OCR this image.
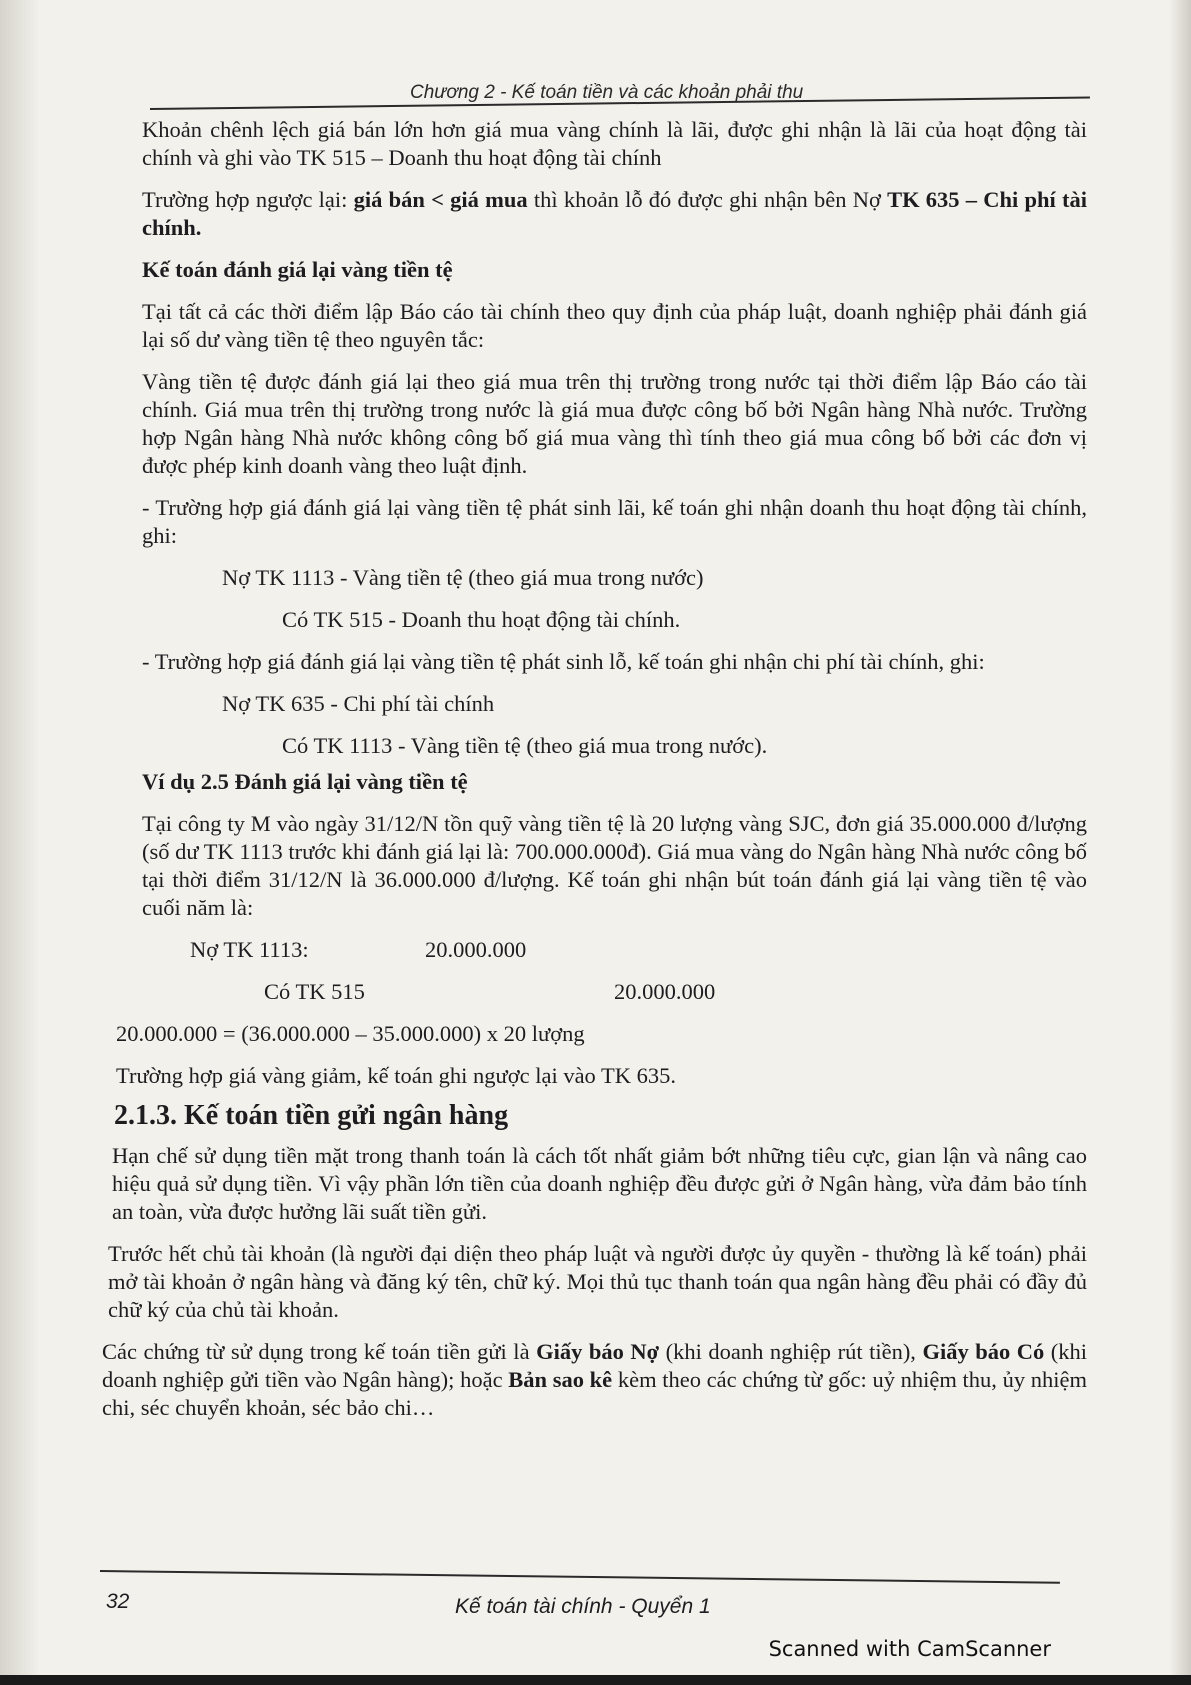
Chương 2 - Kế toán tiền và các khoản phải thu

Khoản chênh lệch giá bán lớn hơn giá mua vàng chính là lãi, được ghi nhận là lãi của hoạt động tài chính và ghi vào TK 515 – Doanh thu hoạt động tài chính

Trường hợp ngược lại: giá bán < giá mua thì khoản lỗ đó được ghi nhận bên Nợ TK 635 – Chi phí tài chính.

Kế toán đánh giá lại vàng tiền tệ

Tại tất cả các thời điểm lập Báo cáo tài chính theo quy định của pháp luật, doanh nghiệp phải đánh giá lại số dư vàng tiền tệ theo nguyên tắc:

Vàng tiền tệ được đánh giá lại theo giá mua trên thị trường trong nước tại thời điểm lập Báo cáo tài chính. Giá mua trên thị trường trong nước là giá mua được công bố bởi Ngân hàng Nhà nước. Trường hợp Ngân hàng Nhà nước không công bố giá mua vàng thì tính theo giá mua công bố bởi các đơn vị được phép kinh doanh vàng theo luật định.

- Trường hợp giá đánh giá lại vàng tiền tệ phát sinh lãi, kế toán ghi nhận doanh thu hoạt động tài chính, ghi:

Nợ TK 1113 - Vàng tiền tệ (theo giá mua trong nước)

Có TK 515 - Doanh thu hoạt động tài chính.

- Trường hợp giá đánh giá lại vàng tiền tệ phát sinh lỗ, kế toán ghi nhận chi phí tài chính, ghi:

Nợ TK 635 - Chi phí tài chính

Có TK 1113 - Vàng tiền tệ (theo giá mua trong nước).

Ví dụ 2.5 Đánh giá lại vàng tiền tệ

Tại công ty M vào ngày 31/12/N tồn quỹ vàng tiền tệ là 20 lượng vàng SJC, đơn giá 35.000.000 đ/lượng (số dư TK 1113 trước khi đánh giá lại là: 700.000.000đ). Giá mua vàng do Ngân hàng Nhà nước công bố tại thời điểm 31/12/N là 36.000.000 đ/lượng. Kế toán ghi nhận bút toán đánh giá lại vàng tiền tệ vào cuối năm là:

Nợ TK 1113:	20.000.000
Có TK 515	20.000.000

20.000.000 = (36.000.000 – 35.000.000) x 20 lượng

Trường hợp giá vàng giảm, kế toán ghi ngược lại vào TK 635.

2.1.3. Kế toán tiền gửi ngân hàng

Hạn chế sử dụng tiền mặt trong thanh toán là cách tốt nhất giảm bớt những tiêu cực, gian lận và nâng cao hiệu quả sử dụng tiền. Vì vậy phần lớn tiền của doanh nghiệp đều được gửi ở Ngân hàng, vừa đảm bảo tính an toàn, vừa được hưởng lãi suất tiền gửi.

Trước hết chủ tài khoản (là người đại diện theo pháp luật và người được ủy quyền - thường là kế toán) phải mở tài khoản ở ngân hàng và đăng ký tên, chữ ký. Mọi thủ tục thanh toán qua ngân hàng đều phải có đầy đủ chữ ký của chủ tài khoản.

Các chứng từ sử dụng trong kế toán tiền gửi là Giấy báo Nợ (khi doanh nghiệp rút tiền), Giấy báo Có (khi doanh nghiệp gửi tiền vào Ngân hàng); hoặc Bản sao kê kèm theo các chứng từ gốc: uỷ nhiệm thu, ủy nhiệm chi, séc chuyển khoản, séc bảo chi…

32	Kế toán tài chính - Quyển 1
Scanned with CamScanner
